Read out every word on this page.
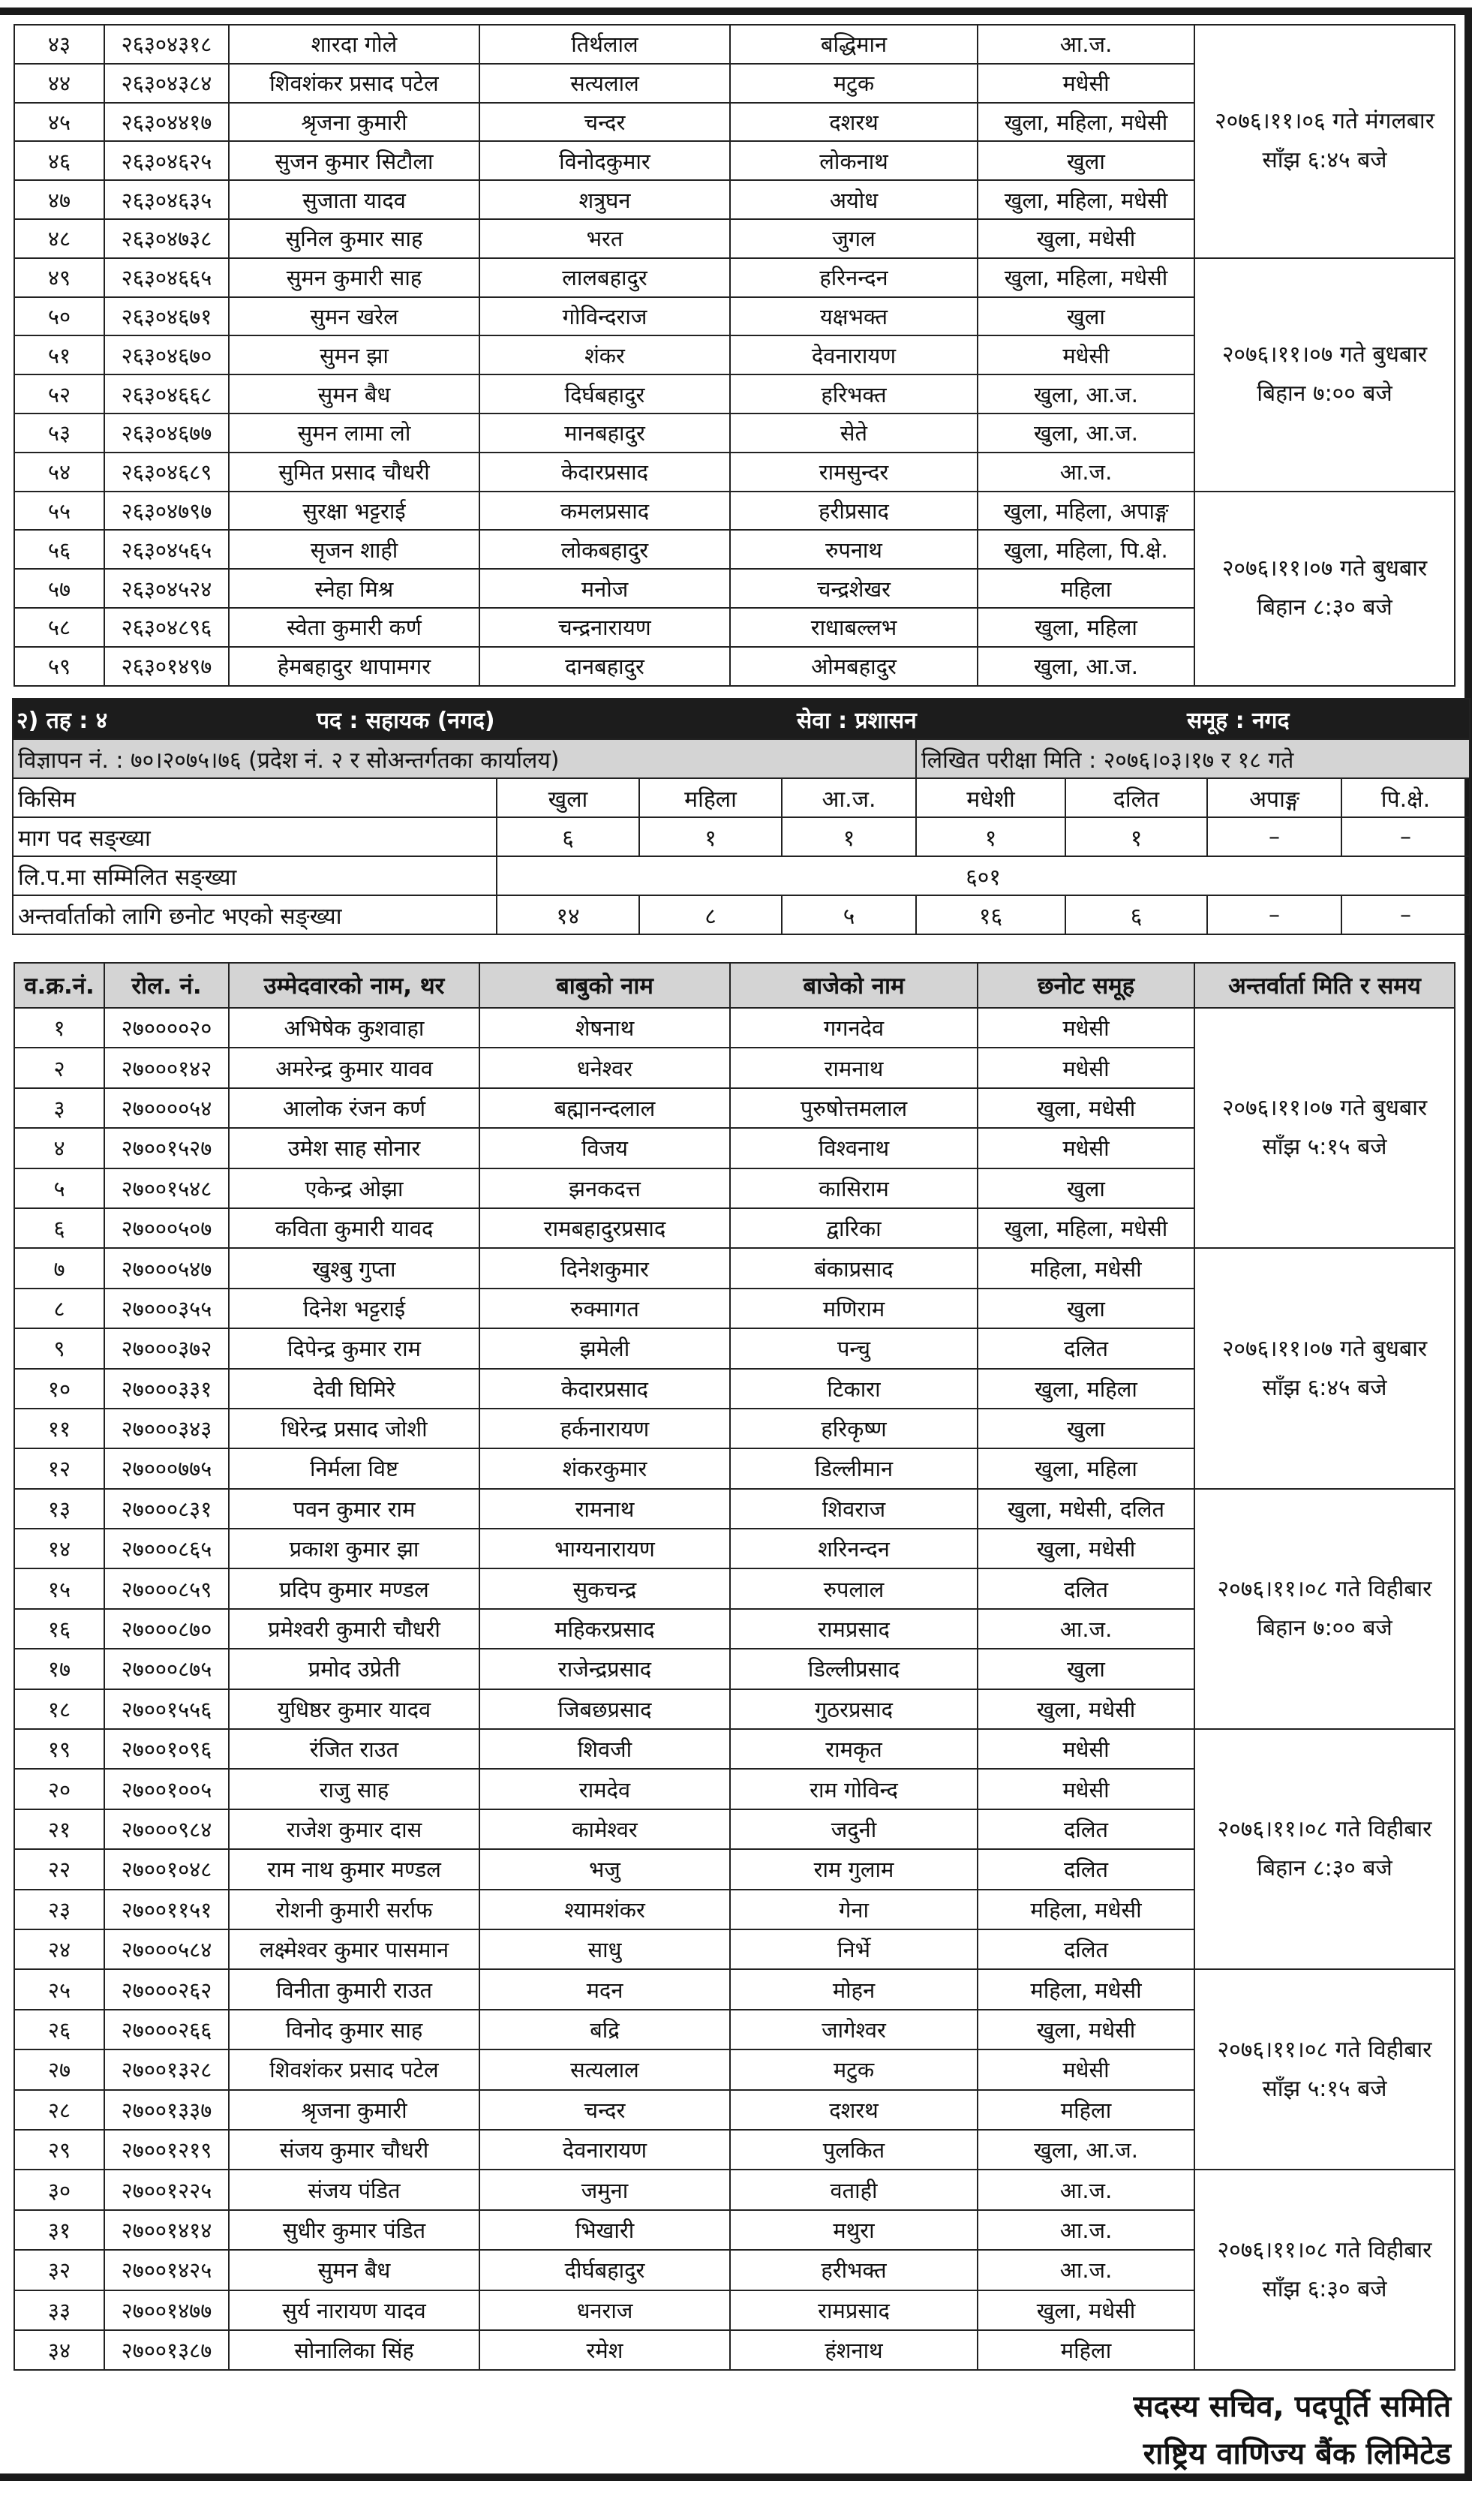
४३	२६३०४३१८	शारदा गोले	तिर्थलाल	बद्धिमान	आ.ज.	२०७६।११।०६ गते मंगलबार
साँझ ६:४५ बजे

४४	२६३०४३८४	शिवशंकर प्रसाद पटेल	सत्यलाल	मटुक	मधेसी	
४५	२६३०४४१७	श्रृजना कुमारी	चन्दर	दशरथ	खुला, महिला, मधेसी	
४६	२६३०४६२५	सुजन कुमार सिटौला	विनोदकुमार	लोकनाथ	खुला	
४७	२६३०४६३५	सुजाता यादव	शत्रुघन	अयोध	खुला, महिला, मधेसी	
४८	२६३०४७३८	सुनिल कुमार साह	भरत	जुगल	खुला, मधेसी	
४९	२६३०४६६५	सुमन कुमारी साह	लालबहादुर	हरिनन्दन	खुला, महिला, मधेसी	२०७६।११।०७ गते बुधबार
बिहान ७:०० बजे

५०	२६३०४६७१	सुमन खरेल	गोविन्दराज	यक्षभक्त	खुला	
५१	२६३०४६७०	सुमन झा	शंकर	देवनारायण	मधेसी	
५२	२६३०४६६८	सुमन बैध	दिर्घबहादुर	हरिभक्त	खुला, आ.ज.	
५३	२६३०४६७७	सुमन लामा लो	मानबहादुर	सेते	खुला, आ.ज.	
५४	२६३०४६८९	सुमित प्रसाद चौधरी	केदारप्रसाद	रामसुन्दर	आ.ज.	
५५	२६३०४७९७	सुरक्षा भट्टराई	कमलप्रसाद	हरीप्रसाद	खुला, महिला, अपाङ्ग	२०७६।११।०७ गते बुधबार
बिहान ८:३० बजे

५६	२६३०४५६५	सृजन शाही	लोकबहादुर	रुपनाथ	खुला, महिला, पि.क्षे.	
५७	२६३०४५२४	स्नेहा मिश्र	मनोज	चन्द्रशेखर	महिला	
५८	२६३०४८९६	स्वेता कुमारी कर्ण	चन्द्रनारायण	राधाबल्लभ	खुला, महिला	
५९	२६३०१४९७	हेमबहादुर थापामगर	दानबहादुर	ओमबहादुर	खुला, आ.ज.	
२) तह : ४ पद : सहायक (नगद) सेवा : प्रशासन समूह : नगद							
विज्ञापन नं. : ७०।२०७५।७६ (प्रदेश नं. २ र सोअन्तर्गतका कार्यालय)				लिखित परीक्षा मिति : २०७६।०३।१७ र १८ गते			
किसिम	खुला	महिला	आ.ज.	मधेशी	दलित	अपाङ्ग	पि.क्षे.
माग पद सङ्ख्या	६	१	१	१	१	–	–
लि.प.मा सम्मिलित सङ्ख्या	६०१						
अन्तर्वार्ताको लागि छनोट भएको सङ्ख्या	१४	८	५	१६	६	–	–
व.क्र.नं.	रोल. नं.	उम्मेदवारको नाम, थर	बाबुको नाम	बाजेको नाम	छनोट समूह	अन्तर्वार्ता मिति र समय
१	२७००००२०	अभिषेक कुशवाहा	शेषनाथ	गगनदेव	मधेसी	२०७६।११।०७ गते बुधबार
साँझ ५:१५ बजे

२	२७०००१४२	अमरेन्द्र कुमार यावव	धनेश्वर	रामनाथ	मधेसी	
३	२७००००५४	आलोक रंजन कर्ण	बह्मानन्दलाल	पुरुषोत्तमलाल	खुला, मधेसी	
४	२७००१५२७	उमेश साह सोनार	विजय	विश्वनाथ	मधेसी	
५	२७००१५४८	एकेन्द्र ओझा	झनकदत्त	कासिराम	खुला	
६	२७०००५०७	कविता कुमारी यावद	रामबहादुरप्रसाद	द्वारिका	खुला, महिला, मधेसी	
७	२७०००५४७	खुश्बु गुप्ता	दिनेशकुमार	बंकाप्रसाद	महिला, मधेसी	२०७६।११।०७ गते बुधबार
साँझ ६:४५ बजे

८	२७०००३५५	दिनेश भट्टराई	रुक्मागत	मणिराम	खुला	
९	२७०००३७२	दिपेन्द्र कुमार राम	झमेली	पन्चु	दलित	
१०	२७०००३३१	देवी घिमिरे	केदारप्रसाद	टिकारा	खुला, महिला	
११	२७०००३४३	धिरेन्द्र प्रसाद जोशी	हर्कनारायण	हरिकृष्ण	खुला	
१२	२७०००७७५	निर्मला विष्ट	शंकरकुमार	डिल्लीमान	खुला, महिला	
१३	२७०००८३१	पवन कुमार राम	रामनाथ	शिवराज	खुला, मधेसी, दलित	२०७६।११।०८ गते विहीबार
बिहान ७:०० बजे

१४	२७०००८६५	प्रकाश कुमार झा	भाग्यनारायण	शरिनन्दन	खुला, मधेसी	
१५	२७०००८५९	प्रदिप कुमार मण्डल	सुकचन्द्र	रुपलाल	दलित	
१६	२७०००८७०	प्रमेश्वरी कुमारी चौधरी	महिकरप्रसाद	रामप्रसाद	आ.ज.	
१७	२७०००८७५	प्रमोद उप्रेती	राजेन्द्रप्रसाद	डिल्लीप्रसाद	खुला	
१८	२७००१५५६	युधिष्ठर कुमार यादव	जिबछप्रसाद	गुठरप्रसाद	खुला, मधेसी	
१९	२७००१०९६	रंजित राउत	शिवजी	रामकृत	मधेसी	२०७६।११।०८ गते विहीबार
बिहान ८:३० बजे

२०	२७००१००५	राजु साह	रामदेव	राम गोविन्द	मधेसी	
२१	२७०००९८४	राजेश कुमार दास	कामेश्वर	जदुनी	दलित	
२२	२७००१०४८	राम नाथ कुमार मण्डल	भजु	राम गुलाम	दलित	
२३	२७००११५१	रोशनी कुमारी सर्राफ	श्यामशंकर	गेना	महिला, मधेसी	
२४	२७०००५८४	लक्ष्मेश्वर कुमार पासमान	साधु	निर्भे	दलित	
२५	२७०००२६२	विनीता कुमारी राउत	मदन	मोहन	महिला, मधेसी	२०७६।११।०८ गते विहीबार
साँझ ५:१५ बजे

२६	२७०००२६६	विनोद कुमार साह	बद्रि	जागेश्वर	खुला, मधेसी	
२७	२७००१३२८	शिवशंकर प्रसाद पटेल	सत्यलाल	मटुक	मधेसी	
२८	२७००१३३७	श्रृजना कुमारी	चन्दर	दशरथ	महिला	
२९	२७००१२१९	संजय कुमार चौधरी	देवनारायण	पुलकित	खुला, आ.ज.	
३०	२७००१२२५	संजय पंडित	जमुना	वताही	आ.ज.	२०७६।११।०८ गते विहीबार
साँझ ६:३० बजे

३१	२७००१४१४	सुधीर कुमार पंडित	भिखारी	मथुरा	आ.ज.	
३२	२७००१४२५	सुमन बैध	दीर्घबहादुर	हरीभक्त	आ.ज.	
३३	२७००१४७७	सुर्य नारायण यादव	धनराज	रामप्रसाद	खुला, मधेसी	
३४	२७००१३८७	सोनालिका सिंह	रमेश	हंशनाथ	महिला	
सदस्य सचिव, पदपूर्ति समिति
राष्ट्रिय वाणिज्य बैंक लिमिटेड
